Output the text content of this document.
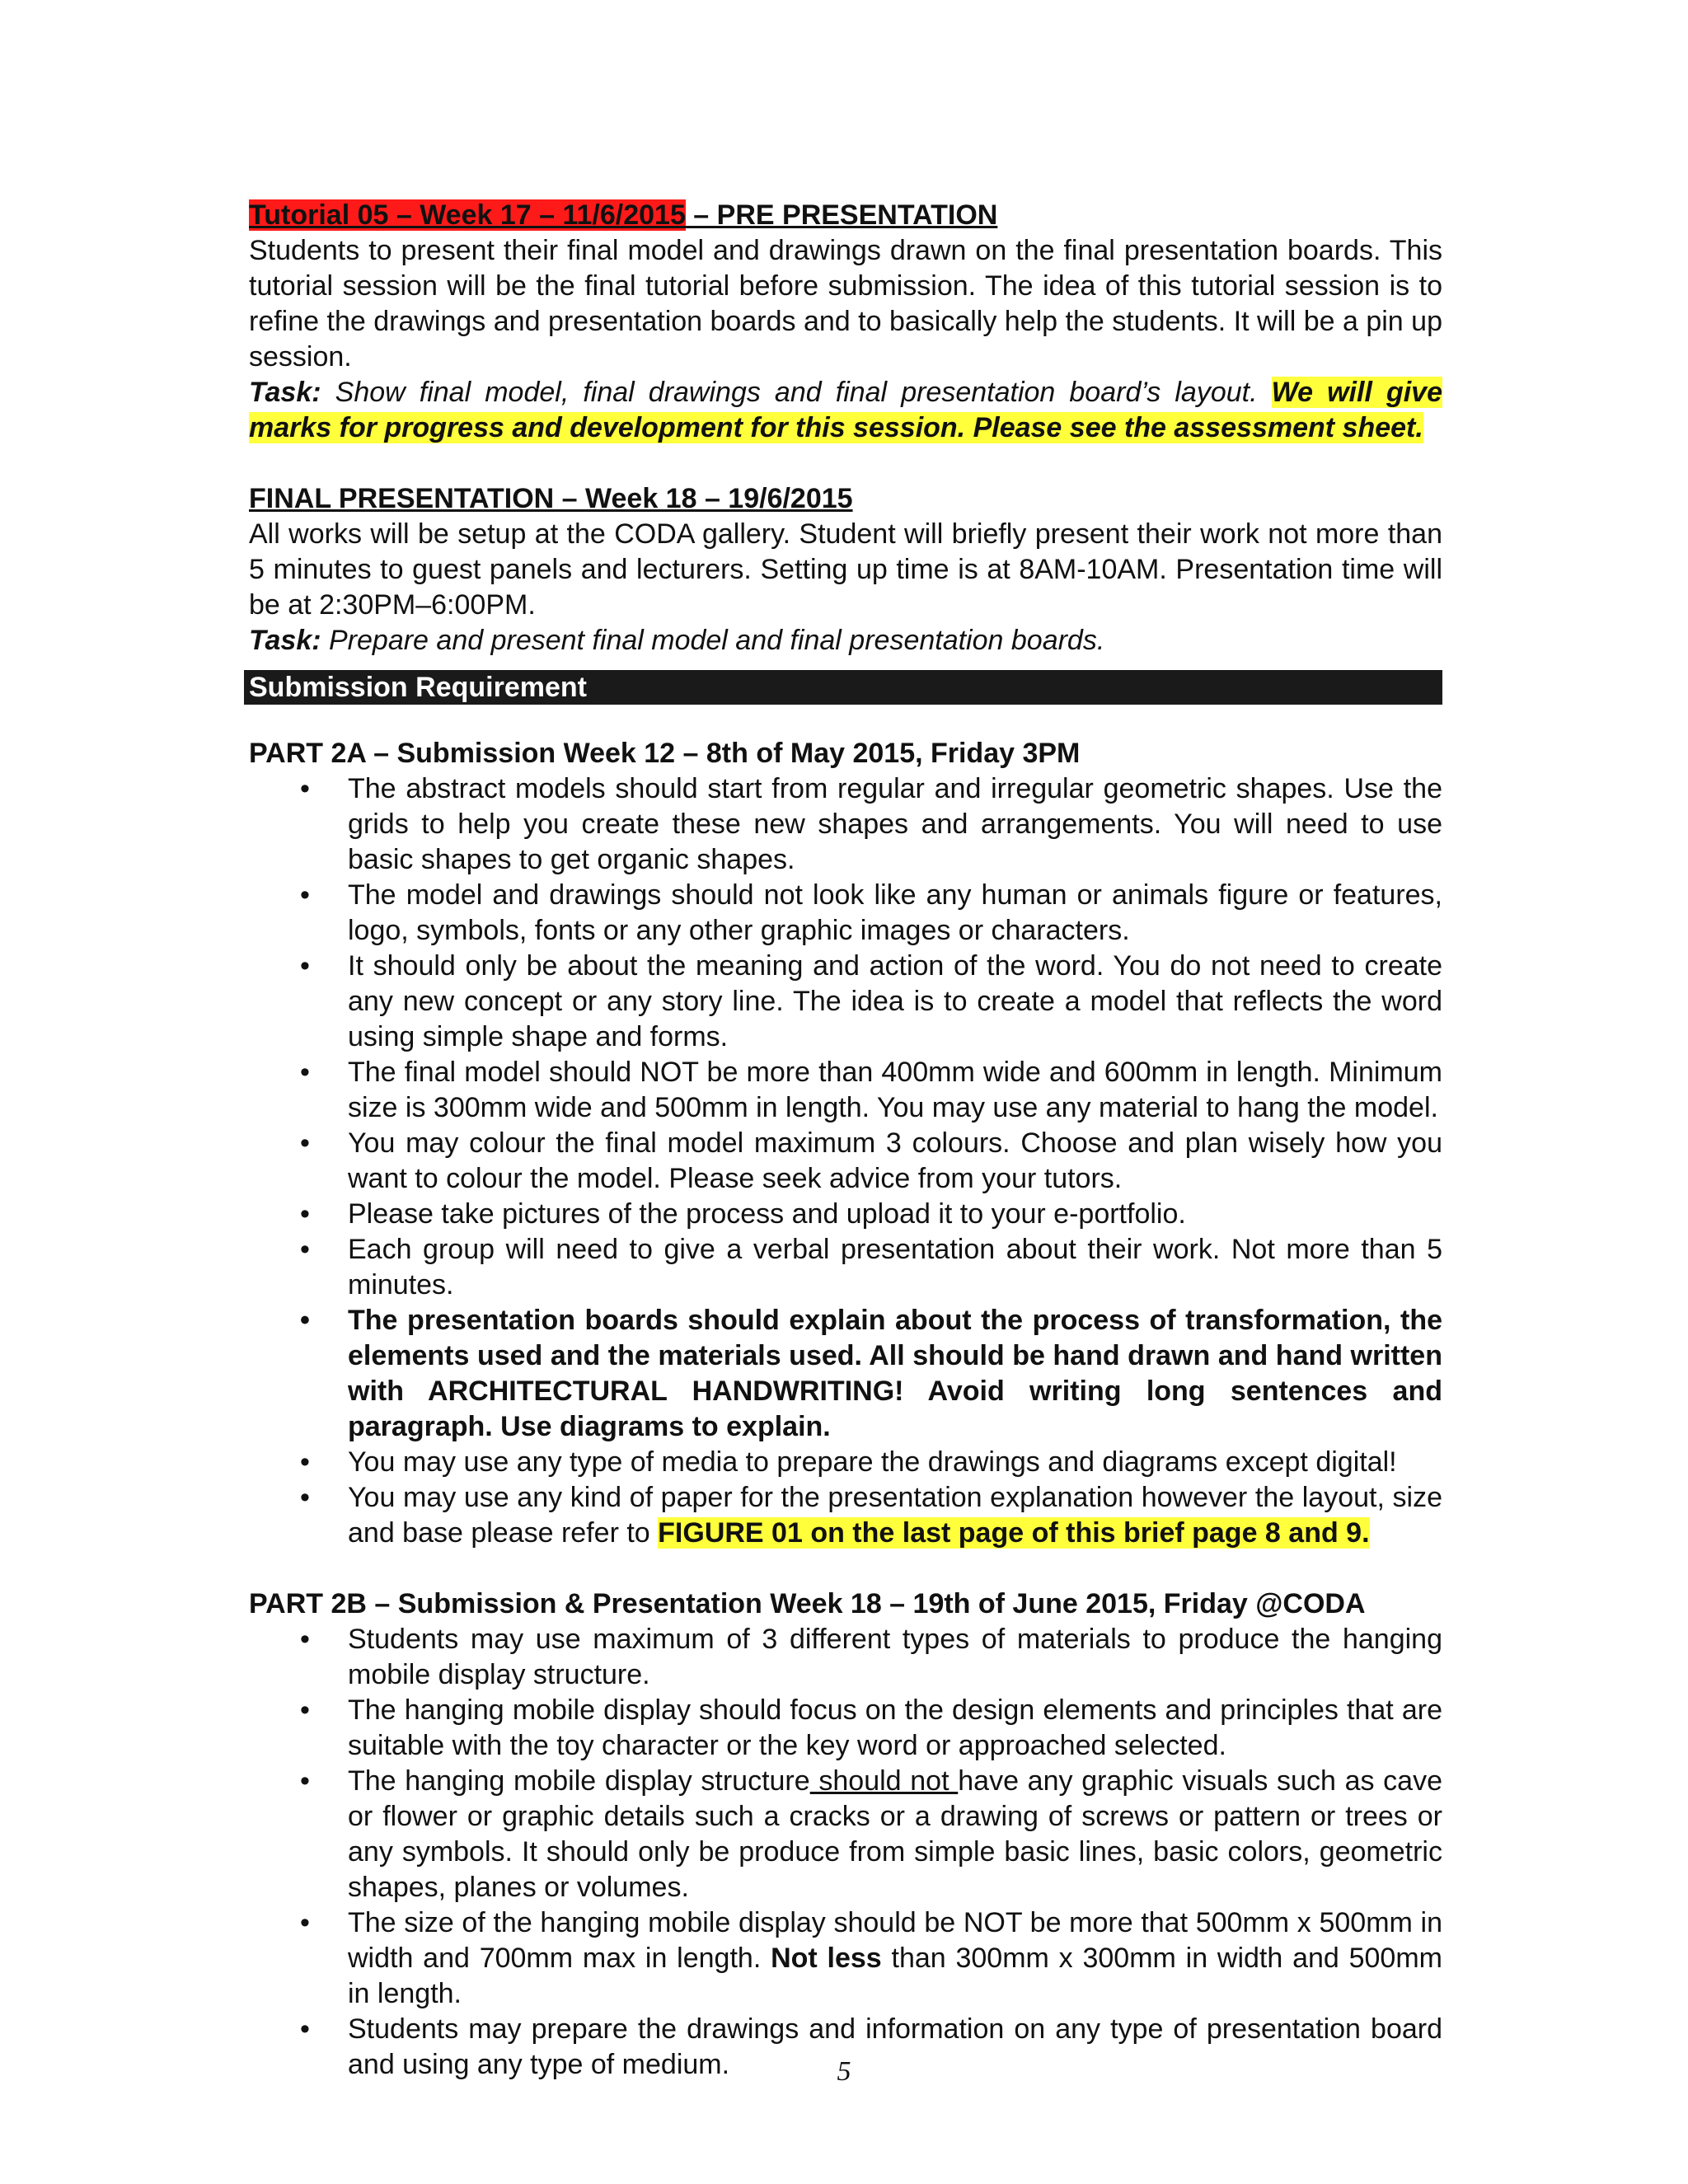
Tutorial 05 – Week 17 – 11/6/2015 – PRE PRESENTATION
Students to present their final model and drawings drawn on the final presentation boards. This tutorial session will be the final tutorial before submission. The idea of this tutorial session is to refine the drawings and presentation boards and to basically help the students. It will be a pin up session.
Task: Show final model, final drawings and final presentation board’s layout. We will give marks for progress and development for this session. Please see the assessment sheet.
FINAL PRESENTATION – Week 18 – 19/6/2015
All works will be setup at the CODA gallery. Student will briefly present their work not more than 5 minutes to guest panels and lecturers. Setting up time is at 8AM-10AM. Presentation time will be at 2:30PM–6:00PM.
Task: Prepare and present final model and final presentation boards.
Submission Requirement
PART 2A – Submission Week 12 – 8th of May 2015, Friday 3PM
• The abstract models should start from regular and irregular geometric shapes. Use the grids to help you create these new shapes and arrangements. You will need to use basic shapes to get organic shapes.
• The model and drawings should not look like any human or animals figure or features, logo, symbols, fonts or any other graphic images or characters.
• It should only be about the meaning and action of the word. You do not need to create any new concept or any story line. The idea is to create a model that reflects the word using simple shape and forms.
• The final model should NOT be more than 400mm wide and 600mm in length. Minimum size is 300mm wide and 500mm in length. You may use any material to hang the model.
• You may colour the final model maximum 3 colours. Choose and plan wisely how you want to colour the model. Please seek advice from your tutors.
• Please take pictures of the process and upload it to your e-portfolio.
• Each group will need to give a verbal presentation about their work. Not more than 5 minutes.
• The presentation boards should explain about the process of transformation, the elements used and the materials used. All should be hand drawn and hand written with ARCHITECTURAL HANDWRITING! Avoid writing long sentences and paragraph. Use diagrams to explain.
• You may use any type of media to prepare the drawings and diagrams except digital!
• You may use any kind of paper for the presentation explanation however the layout, size and base please refer to FIGURE 01 on the last page of this brief page 8 and 9.
PART 2B – Submission & Presentation Week 18 – 19th of June 2015, Friday @CODA
• Students may use maximum of 3 different types of materials to produce the hanging mobile display structure.
• The hanging mobile display should focus on the design elements and principles that are suitable with the toy character or the key word or approached selected.
• The hanging mobile display structure should not have any graphic visuals such as cave or flower or graphic details such a cracks or a drawing of screws or pattern or trees or any symbols. It should only be produce from simple basic lines, basic colors, geometric shapes, planes or volumes.
• The size of the hanging mobile display should be NOT be more that 500mm x 500mm in width and 700mm max in length. Not less than 300mm x 300mm in width and 500mm in length.
• Students may prepare the drawings and information on any type of presentation board and using any type of medium.	5
